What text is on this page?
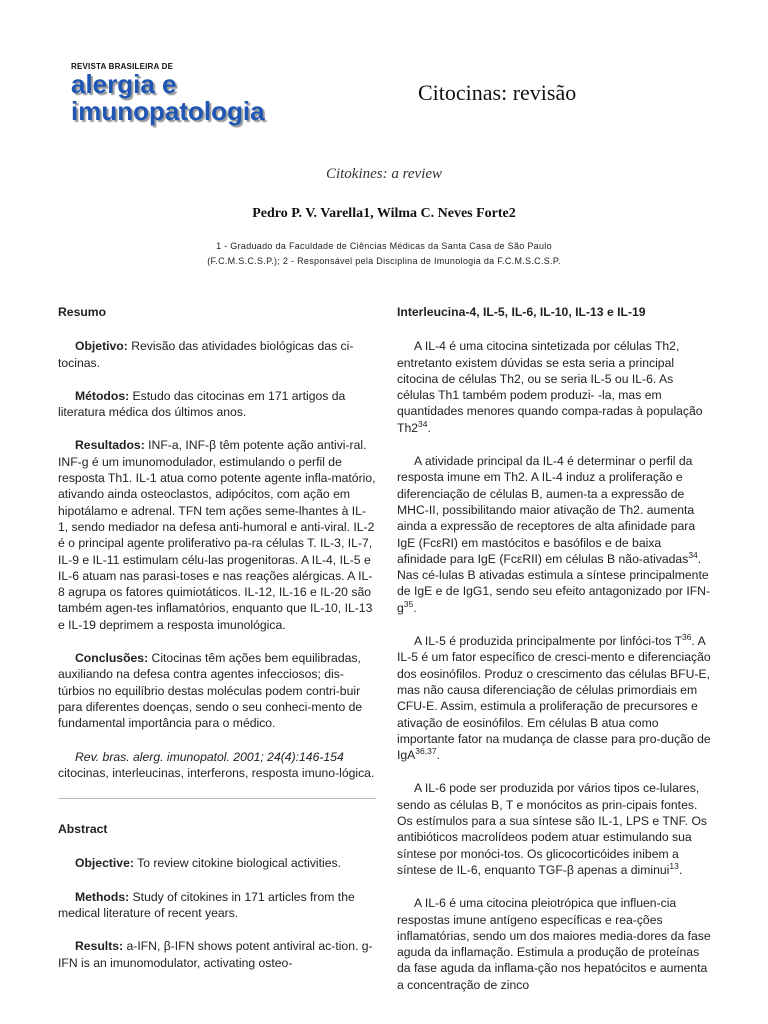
REVISTA BRASILEIRA DE
alergia e
imunopatologia
Citocinas: revisão
Citokines: a review
Pedro P. V. Varella1, Wilma C. Neves Forte2
1 - Graduado da Faculdade de Ciências Médicas da Santa Casa de São Paulo
(F.C.M.S.C.S.P.); 2 - Responsável pela Disciplina de Imunologia da F.C.M.S.C.S.P.
Resumo

Objetivo: Revisão das atividades biológicas das ci-tocinas.

Métodos: Estudo das citocinas em 171 artigos da literatura médica dos últimos anos.

Resultados: INF-a, INF-β têm potente ação antivi-ral. INF-g é um imunomodulador, estimulando o perfil de resposta Th1. IL-1 atua como potente agente infla-matório, ativando ainda osteoclastos, adipócitos, com ação em hipotálamo e adrenal. TFN tem ações seme-lhantes à IL-1, sendo mediador na defesa anti-humoral e anti-viral. IL-2 é o principal agente proliferativo pa-ra células T. IL-3, IL-7, IL-9 e IL-11 estimulam célu-las progenitoras. A IL-4, IL-5 e IL-6 atuam nas parasi-toses e nas reações alérgicas. A IL-8 agrupa os fatores quimiotáticos. IL-12, IL-16 e IL-20 são também agen-tes inflamatórios, enquanto que IL-10, IL-13 e IL-19 deprimem a resposta imunológica.

Conclusões: Citocinas têm ações bem equilibradas, auxiliando na defesa contra agentes infecciosos; dis-túrbios no equilíbrio destas moléculas podem contri-buir para diferentes doenças, sendo o seu conheci-mento de fundamental importância para o médico.

Rev. bras. alerg. imunopatol. 2001; 24(4):146-154 citocinas, interleucinas, interferons, resposta imuno-lógica.

Abstract

Objective: To review citokine biological activities.

Methods: Study of citokines in 171 articles from the medical literature of recent years.

Results: a-IFN, β-IFN shows potent antiviral ac-tion. g-IFN is an imunomodulator, activating osteo-

Interleucina-4, IL-5, IL-6, IL-10, IL-13 e IL-19

A IL-4 é uma citocina sintetizada por células Th2, entretanto existem dúvidas se esta seria a principal citocina de células Th2, ou se seria IL-5 ou IL-6. As células Th1 também podem produzi- -la, mas em quantidades menores quando compa-radas à população $Th2^{34}$.

A atividade principal da IL-4 é determinar o perfil da resposta imune em Th2. A IL-4 induz a proliferação e diferenciação de células B, aumen-ta a expressão de MHC-II, possibilitando maior ativação de Th2. aumenta ainda a expressão de receptores de alta afinidade para IgE (FcεRI) em mastócitos e basófilos e de baixa afinidade para IgE (FcεRII) em células B não-ativadas$^{34}$. Nas cé-lulas B ativadas estimula a síntese principalmente de IgE e de IgG1, sendo seu efeito antagonizado por IFN-$g^{35}$.

A IL-5 é produzida principalmente por linfóci-tos $T^{36}$. A IL-5 é um fator específico de cresci-mento e diferenciação dos eosinófilos. Produz o crescimento das células BFU-E, mas não causa diferenciação de células primordiais em CFU-E. Assim, estimula a proliferação de precursores e ativação de eosinófilos. Em células B atua como importante fator na mudança de classe para pro-dução de IgA$^{36,37}$.

A IL-6 pode ser produzida por vários tipos ce-lulares, sendo as células B, T e monócitos as prin-cipais fontes. Os estímulos para a sua síntese são IL-1, LPS e TNF. Os antibióticos macrolídeos podem atuar estimulando sua síntese por monóci-tos. Os glicocorticóides inibem a síntese de IL-6, enquanto TGF-β apenas a diminui$^{13}$.

A IL-6 é uma citocina pleiotrópica que influen-cia respostas imune antígeno específicas e rea-ções inflamatórias, sendo um dos maiores media-dores da fase aguda da inflamação. Estimula a produção de proteínas da fase aguda da inflama-ção nos hepatócitos e aumenta a concentração de zinco
